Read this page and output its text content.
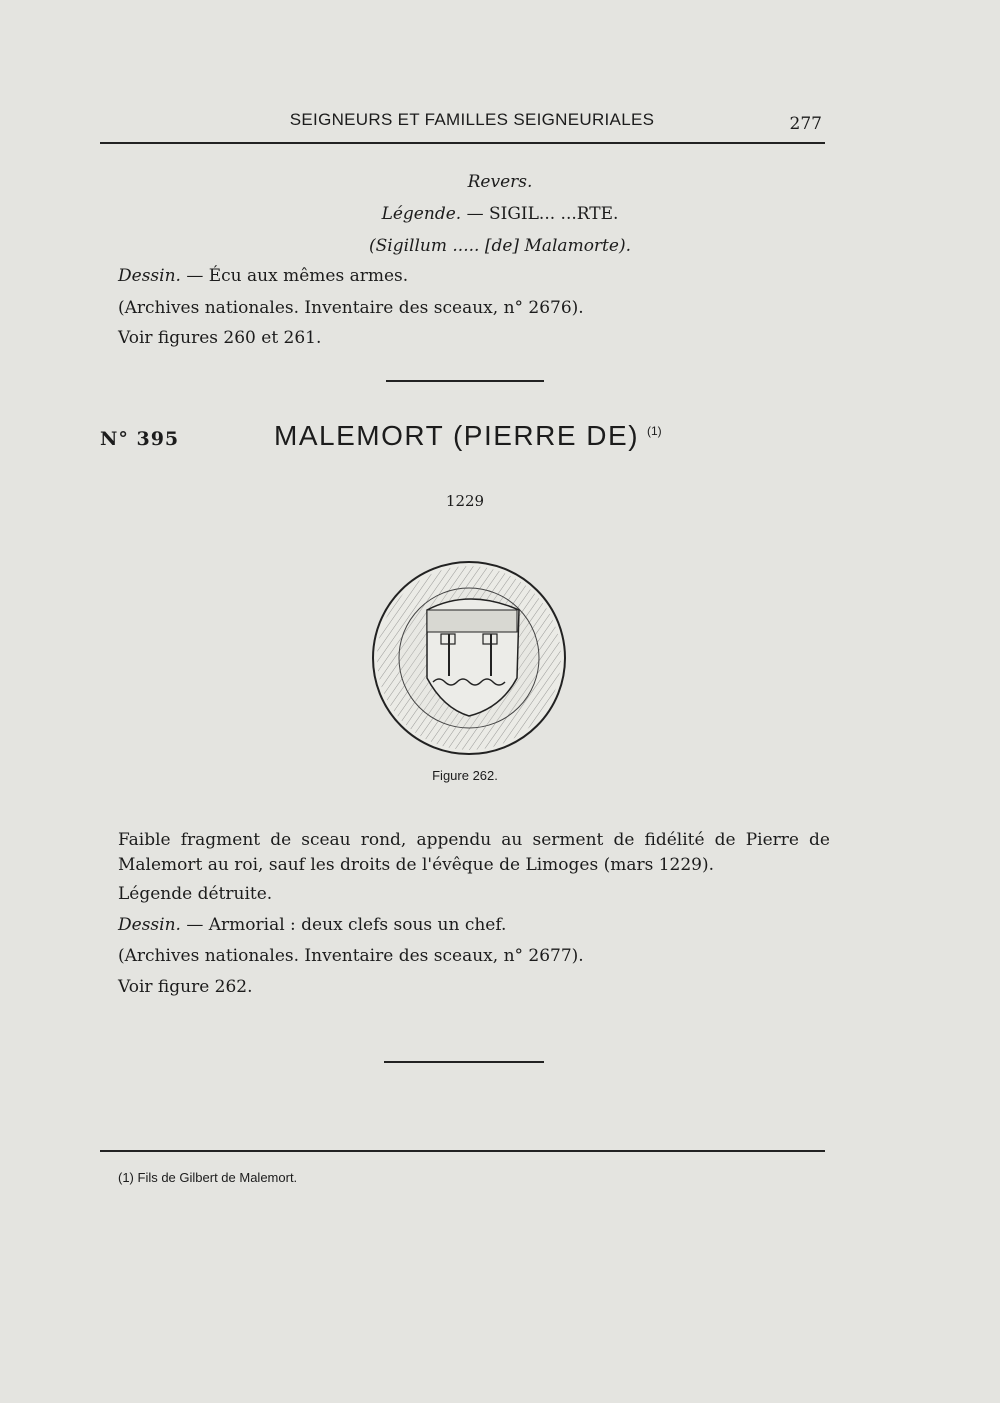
SEIGNEURS ET FAMILLES SEIGNEURIALES	277
Revers.
Légende. — SIGIL... ...RTE.
(Sigillum ..... [de] Malamorte).
Dessin. — Écu aux mêmes armes.
(Archives nationales. Inventaire des sceaux, n° 2676).
Voir figures 260 et 261.
N° 395	MALEMORT (PIERRE DE) $^{(1)}$
1229
Figure 262.
Faible fragment de sceau rond, appendu au serment de fidélité de Pierre de Malemort au roi, sauf les droits de l'évêque de Limoges (mars 1229).
Légende détruite.
Dessin. — Armorial : deux clefs sous un chef.
(Archives nationales. Inventaire des sceaux, n° 2677).
Voir figure 262.
(1) Fils de Gilbert de Malemort.
